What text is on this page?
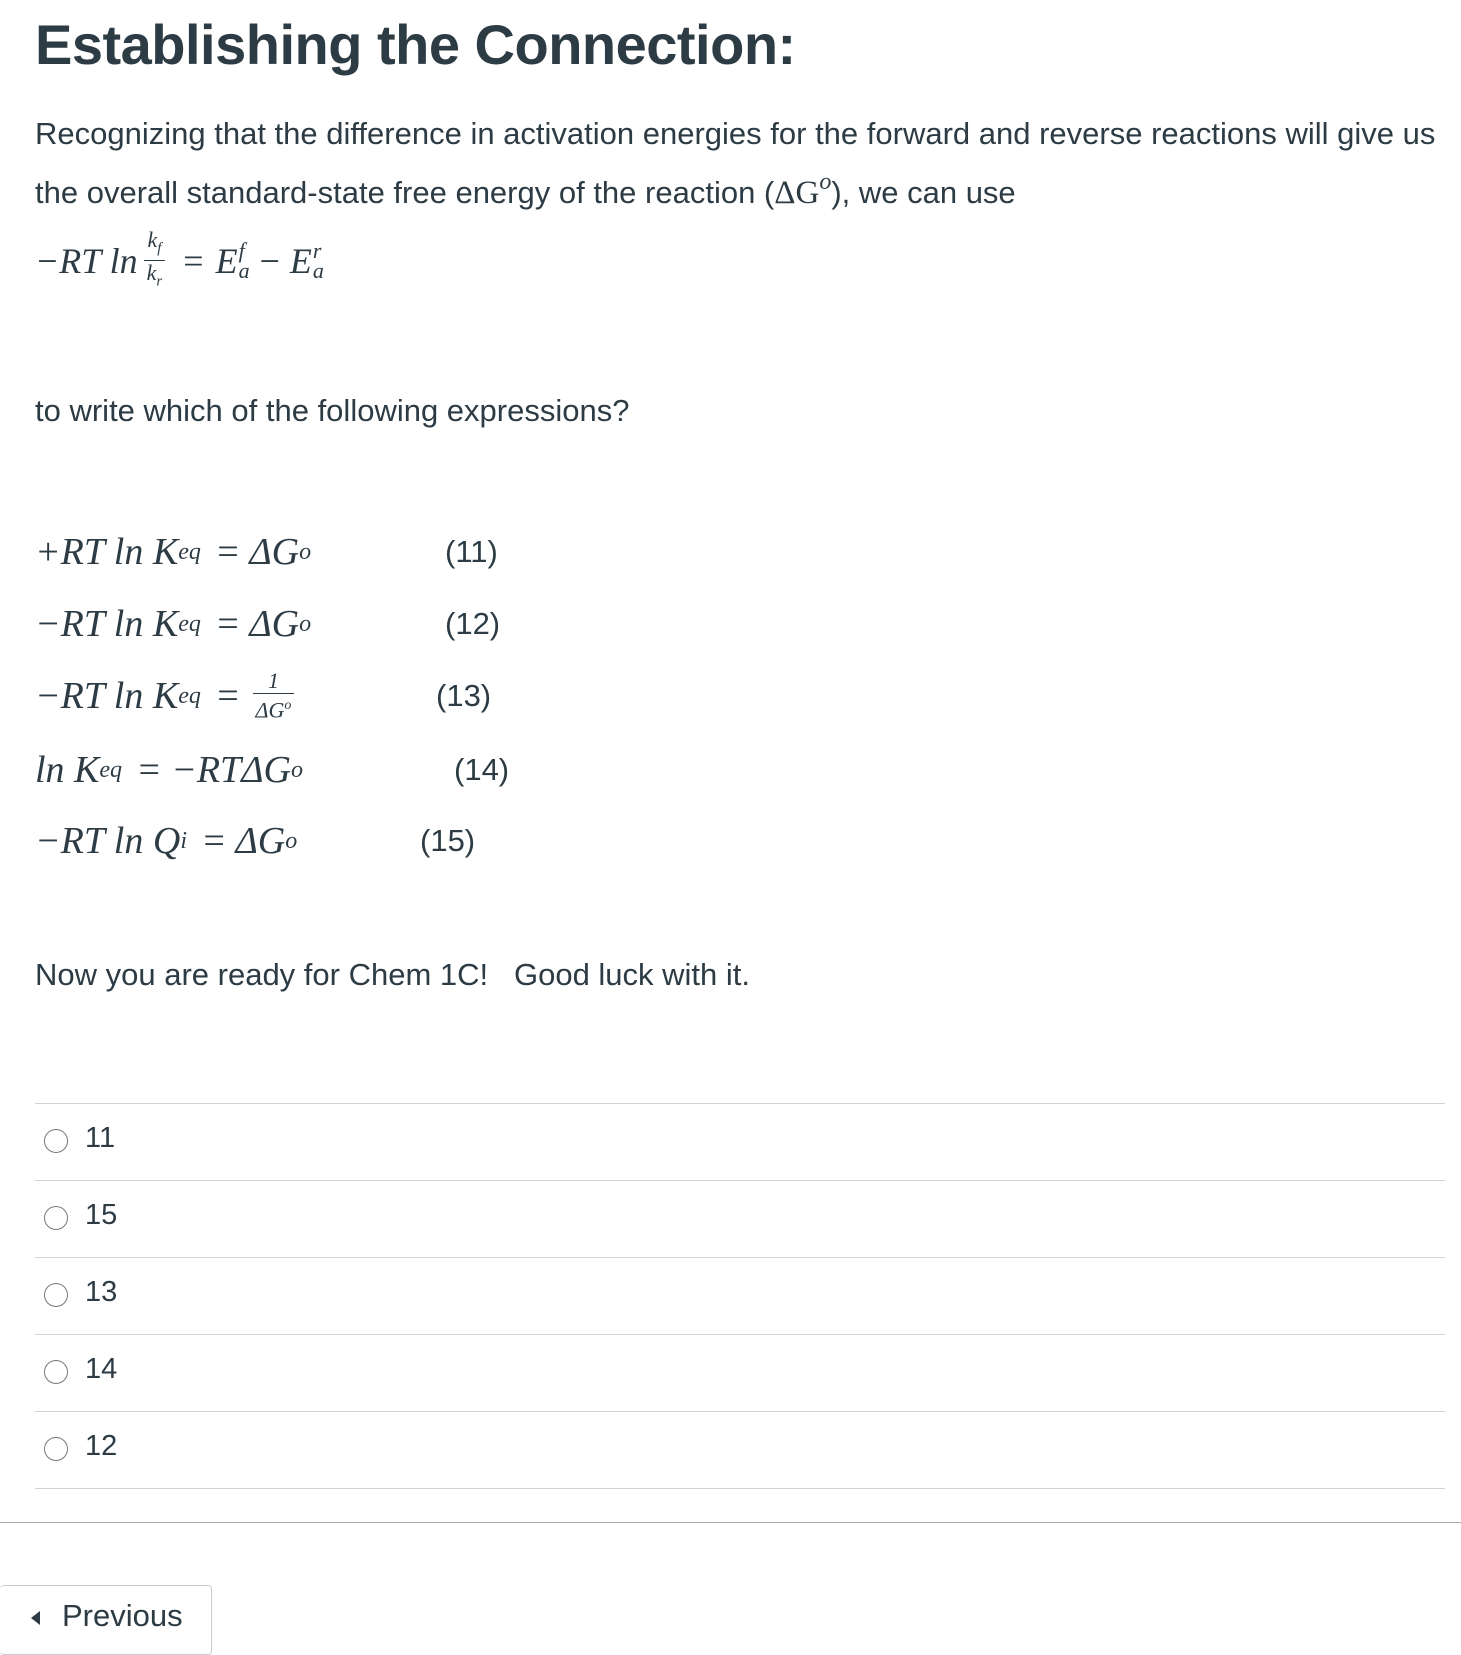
Establishing the Connection:

Recognizing that the difference in activation energies for the forward and reverse reactions will give us the overall standard-state free energy of the reaction $(\Delta G^o)$, we can use

−RT $\ln \frac{k_f}{k_r} = E$ f
a − E r
a

to write which of the following expressions?

+RT ln K eq = ΔG o	(11)
−RT ln K eq = ΔG o	(12)
−RT ln K eq = $\frac{1}{\Delta G^o}$	(13)
ln K eq = −RTΔG o	(14)
−RT ln Q i = ΔG o	(15)

Now you are ready for Chem 1C!   Good luck with it.

11
15
13
14
12
Previous
